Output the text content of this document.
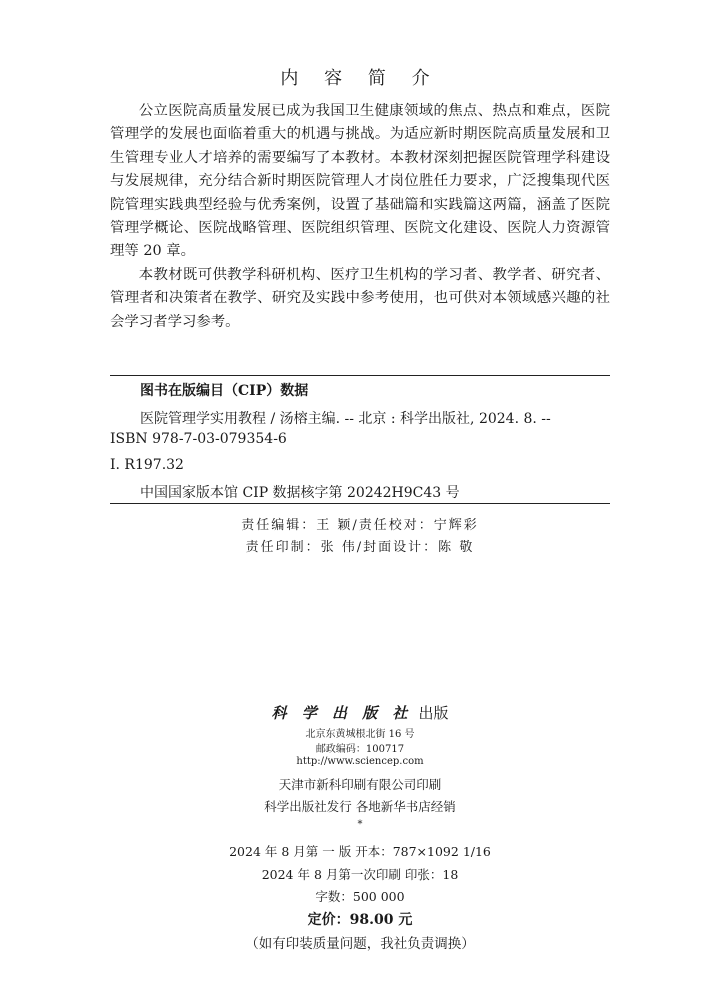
内 容 简 介

公立医院高质量发展已成为我国卫生健康领域的焦点、热点和难点，医院管理学的发展也面临着重大的机遇与挑战。为适应新时期医院高质量发展和卫生管理专业人才培养的需要编写了本教材。本教材深刻把握医院管理学科建设与发展规律，充分结合新时期医院管理人才岗位胜任力要求，广泛搜集现代医院管理实践典型经验与优秀案例，设置了基础篇和实践篇这两篇，涵盖了医院管理学概论、医院战略管理、医院组织管理、医院文化建设、医院人力资源管理等 20 章。

本教材既可供教学科研机构、医疗卫生机构的学习者、教学者、研究者、管理者和决策者在教学、研究及实践中参考使用，也可供对本领域感兴趣的社会学习者学习参考。

图书在版编目（CIP）数据
医院管理学实用教程 / 汤榕主编. -- 北京 : 科学出版社, 2024. 8. --
ISBN 978-7-03-079354-6
Ⅰ. R197.32
中国国家版本馆 CIP 数据核字第 20242H9C43 号
责任编辑：王 颖/责任校对：宁辉彩
责任印制：张 伟/封面设计：陈 敬
科 学 出 版 社 出版
北京东黄城根北街 16 号
邮政编码：100717
http://www.sciencep.com
天津市新科印刷有限公司印刷
科学出版社发行 各地新华书店经销
*
2024 年 8 月第 一 版 开本：787×1092 1/16
2024 年 8 月第一次印刷 印张：18
字数：500 000
定价：98.00 元
（如有印装质量问题，我社负责调换）
